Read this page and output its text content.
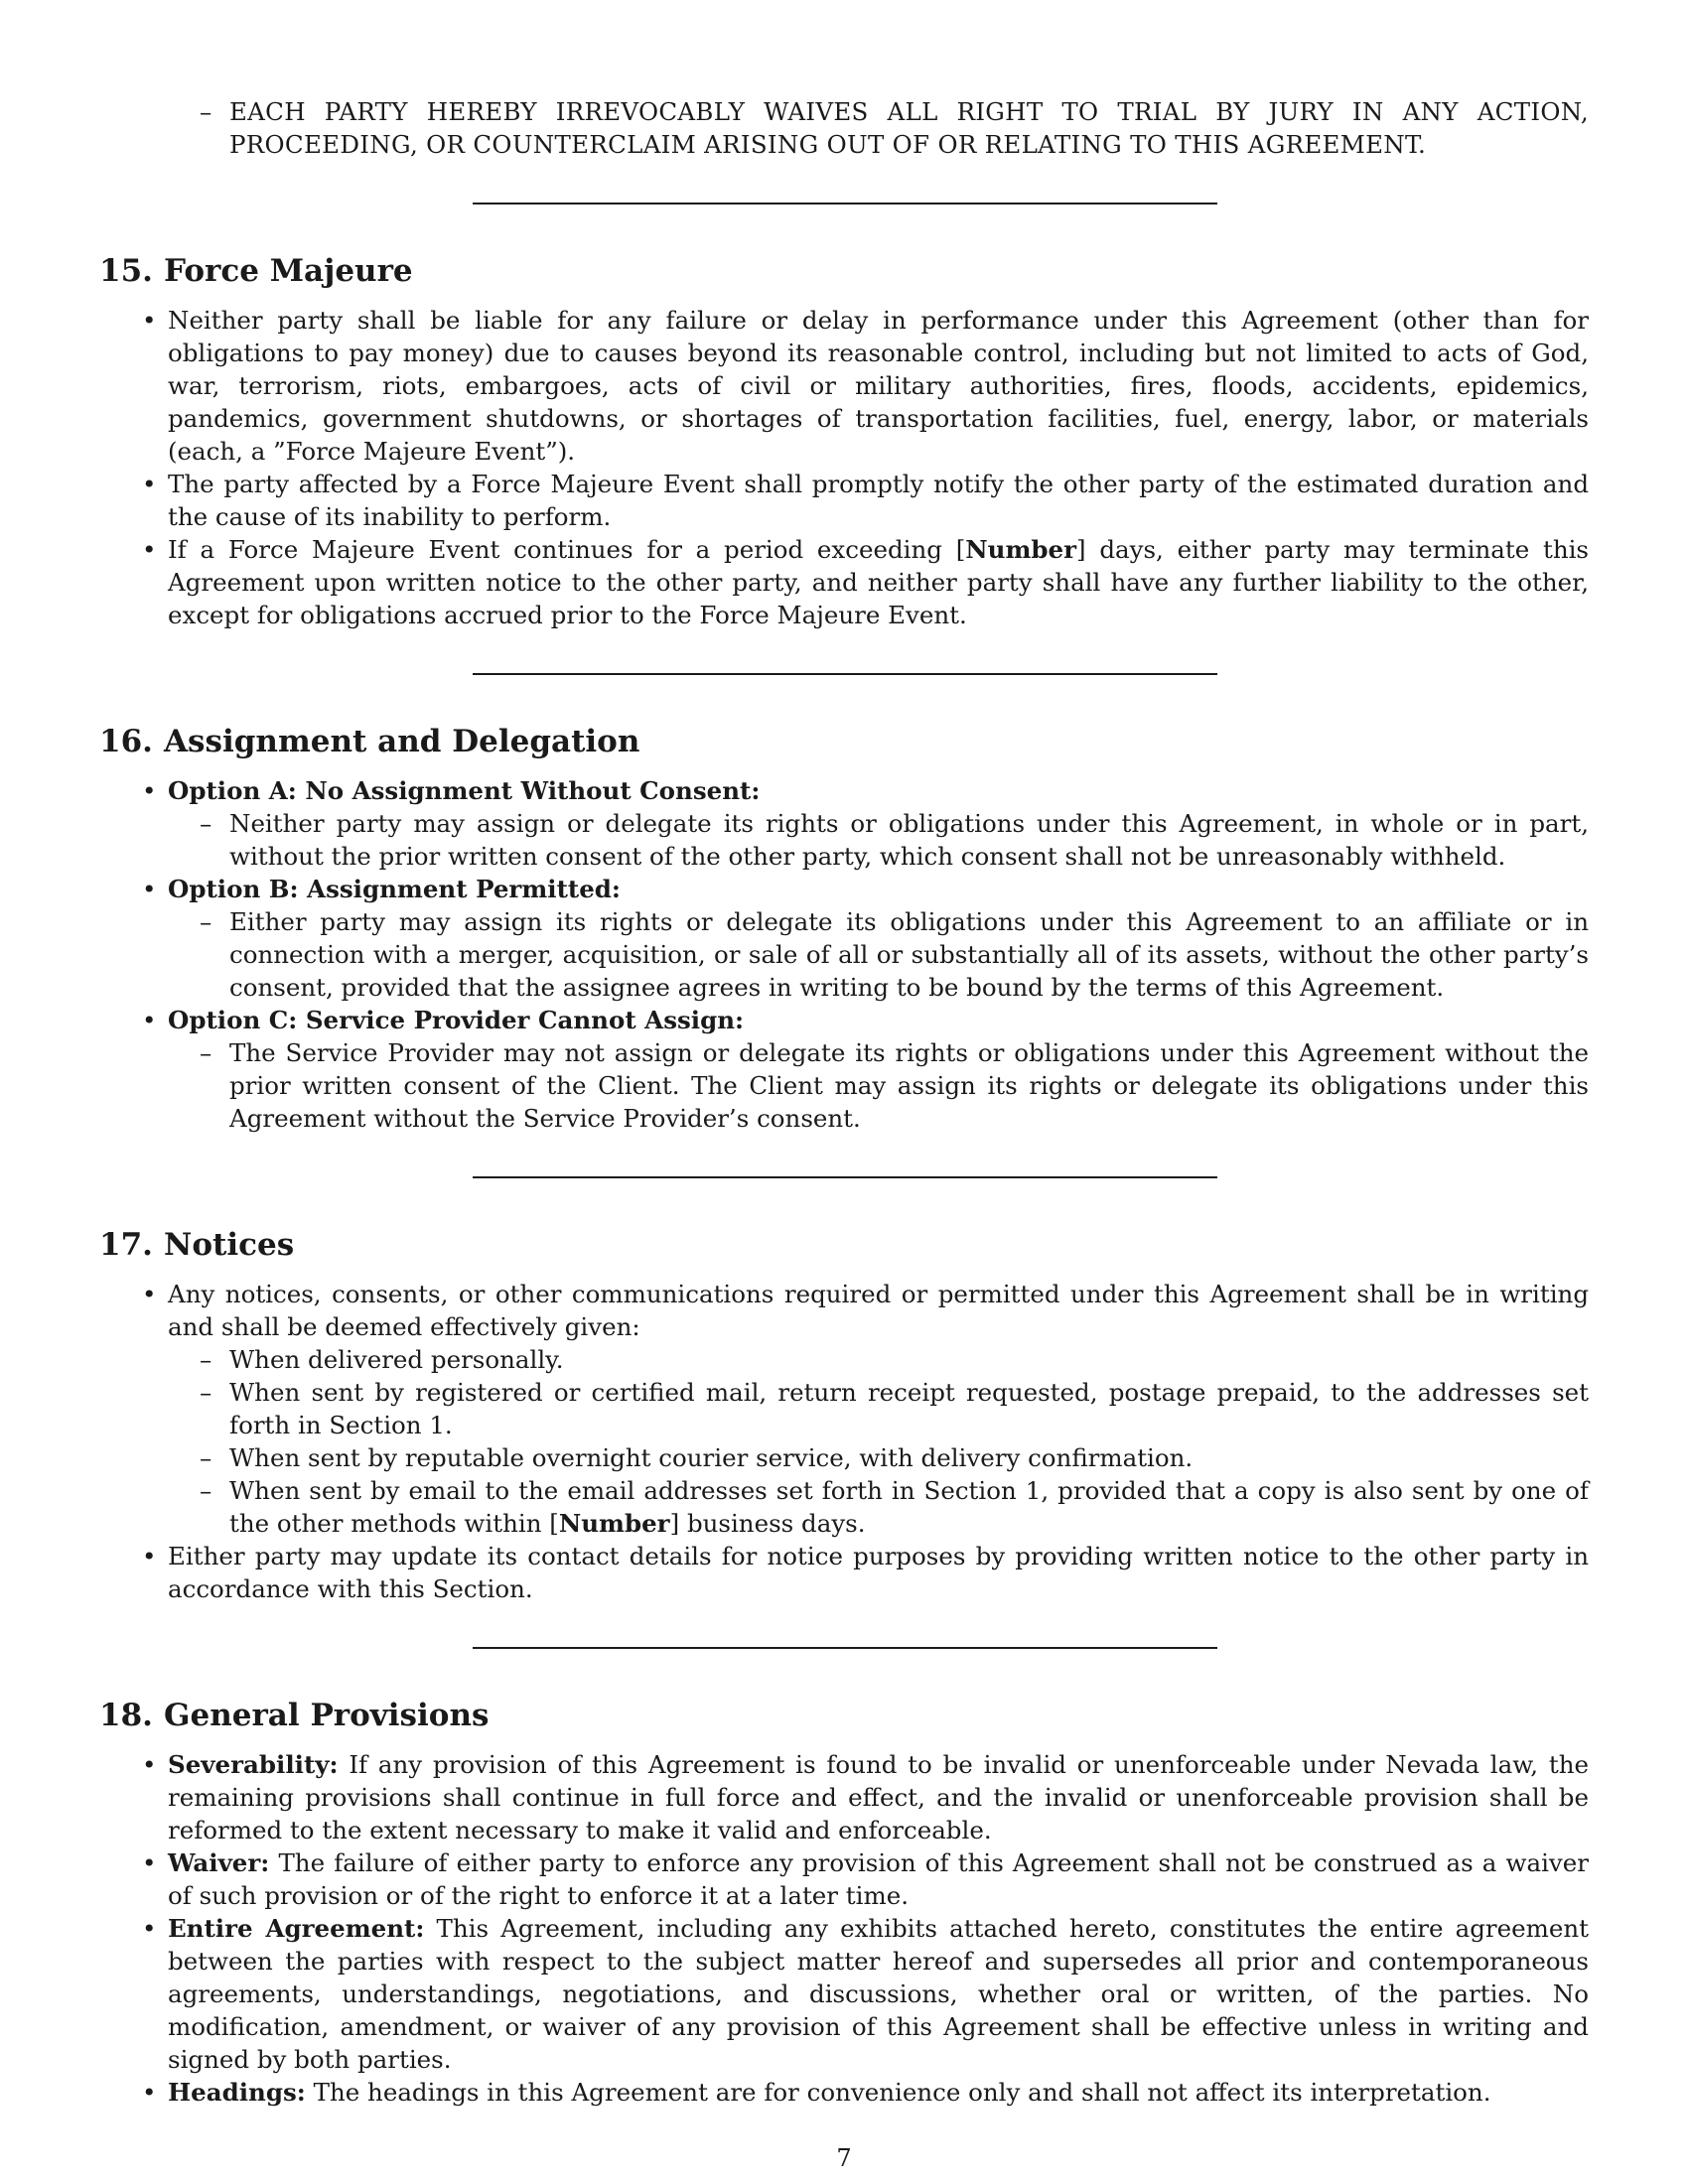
– EACH PARTY HEREBY IRREVOCABLY WAIVES ALL RIGHT TO TRIAL BY JURY IN ANY ACTION, PROCEEDING, OR COUNTERCLAIM ARISING OUT OF OR RELATING TO THIS AGREEMENT.
15. Force Majeure
• Neither party shall be liable for any failure or delay in performance under this Agreement (other than for obligations to pay money) due to causes beyond its reasonable control, including but not limited to acts of God, war, terrorism, riots, embargoes, acts of civil or military authorities, fires, floods, accidents, epidemics, pandemics, government shutdowns, or shortages of transportation facilities, fuel, energy, labor, or materials (each, a ”Force Majeure Event”).
• The party affected by a Force Majeure Event shall promptly notify the other party of the estimated duration and the cause of its inability to perform.
• If a Force Majeure Event continues for a period exceeding [Number] days, either party may terminate this Agreement upon written notice to the other party, and neither party shall have any further liability to the other, except for obligations accrued prior to the Force Majeure Event.
16. Assignment and Delegation
• Option A: No Assignment Without Consent:
– Neither party may assign or delegate its rights or obligations under this Agreement, in whole or in part, without the prior written consent of the other party, which consent shall not be unreasonably withheld.
• Option B: Assignment Permitted:
– Either party may assign its rights or delegate its obligations under this Agreement to an affiliate or in connection with a merger, acquisition, or sale of all or substantially all of its assets, without the other party’s consent, provided that the assignee agrees in writing to be bound by the terms of this Agreement.
• Option C: Service Provider Cannot Assign:
– The Service Provider may not assign or delegate its rights or obligations under this Agreement without the prior written consent of the Client. The Client may assign its rights or delegate its obligations under this Agreement without the Service Provider’s consent.
17. Notices
• Any notices, consents, or other communications required or permitted under this Agreement shall be in writing and shall be deemed effectively given:
– When delivered personally.
– When sent by registered or certified mail, return receipt requested, postage prepaid, to the addresses set forth in Section 1.
– When sent by reputable overnight courier service, with delivery confirmation.
– When sent by email to the email addresses set forth in Section 1, provided that a copy is also sent by one of the other methods within [Number] business days.
• Either party may update its contact details for notice purposes by providing written notice to the other party in accordance with this Section.
18. General Provisions
• Severability: If any provision of this Agreement is found to be invalid or unenforceable under Nevada law, the remaining provisions shall continue in full force and effect, and the invalid or unenforceable provision shall be reformed to the extent necessary to make it valid and enforceable.
• Waiver: The failure of either party to enforce any provision of this Agreement shall not be construed as a waiver of such provision or of the right to enforce it at a later time.
• Entire Agreement: This Agreement, including any exhibits attached hereto, constitutes the entire agreement between the parties with respect to the subject matter hereof and supersedes all prior and contemporaneous agreements, understandings, negotiations, and discussions, whether oral or written, of the parties. No modification, amendment, or waiver of any provision of this Agreement shall be effective unless in writing and signed by both parties.
• Headings: The headings in this Agreement are for convenience only and shall not affect its interpretation.
7
